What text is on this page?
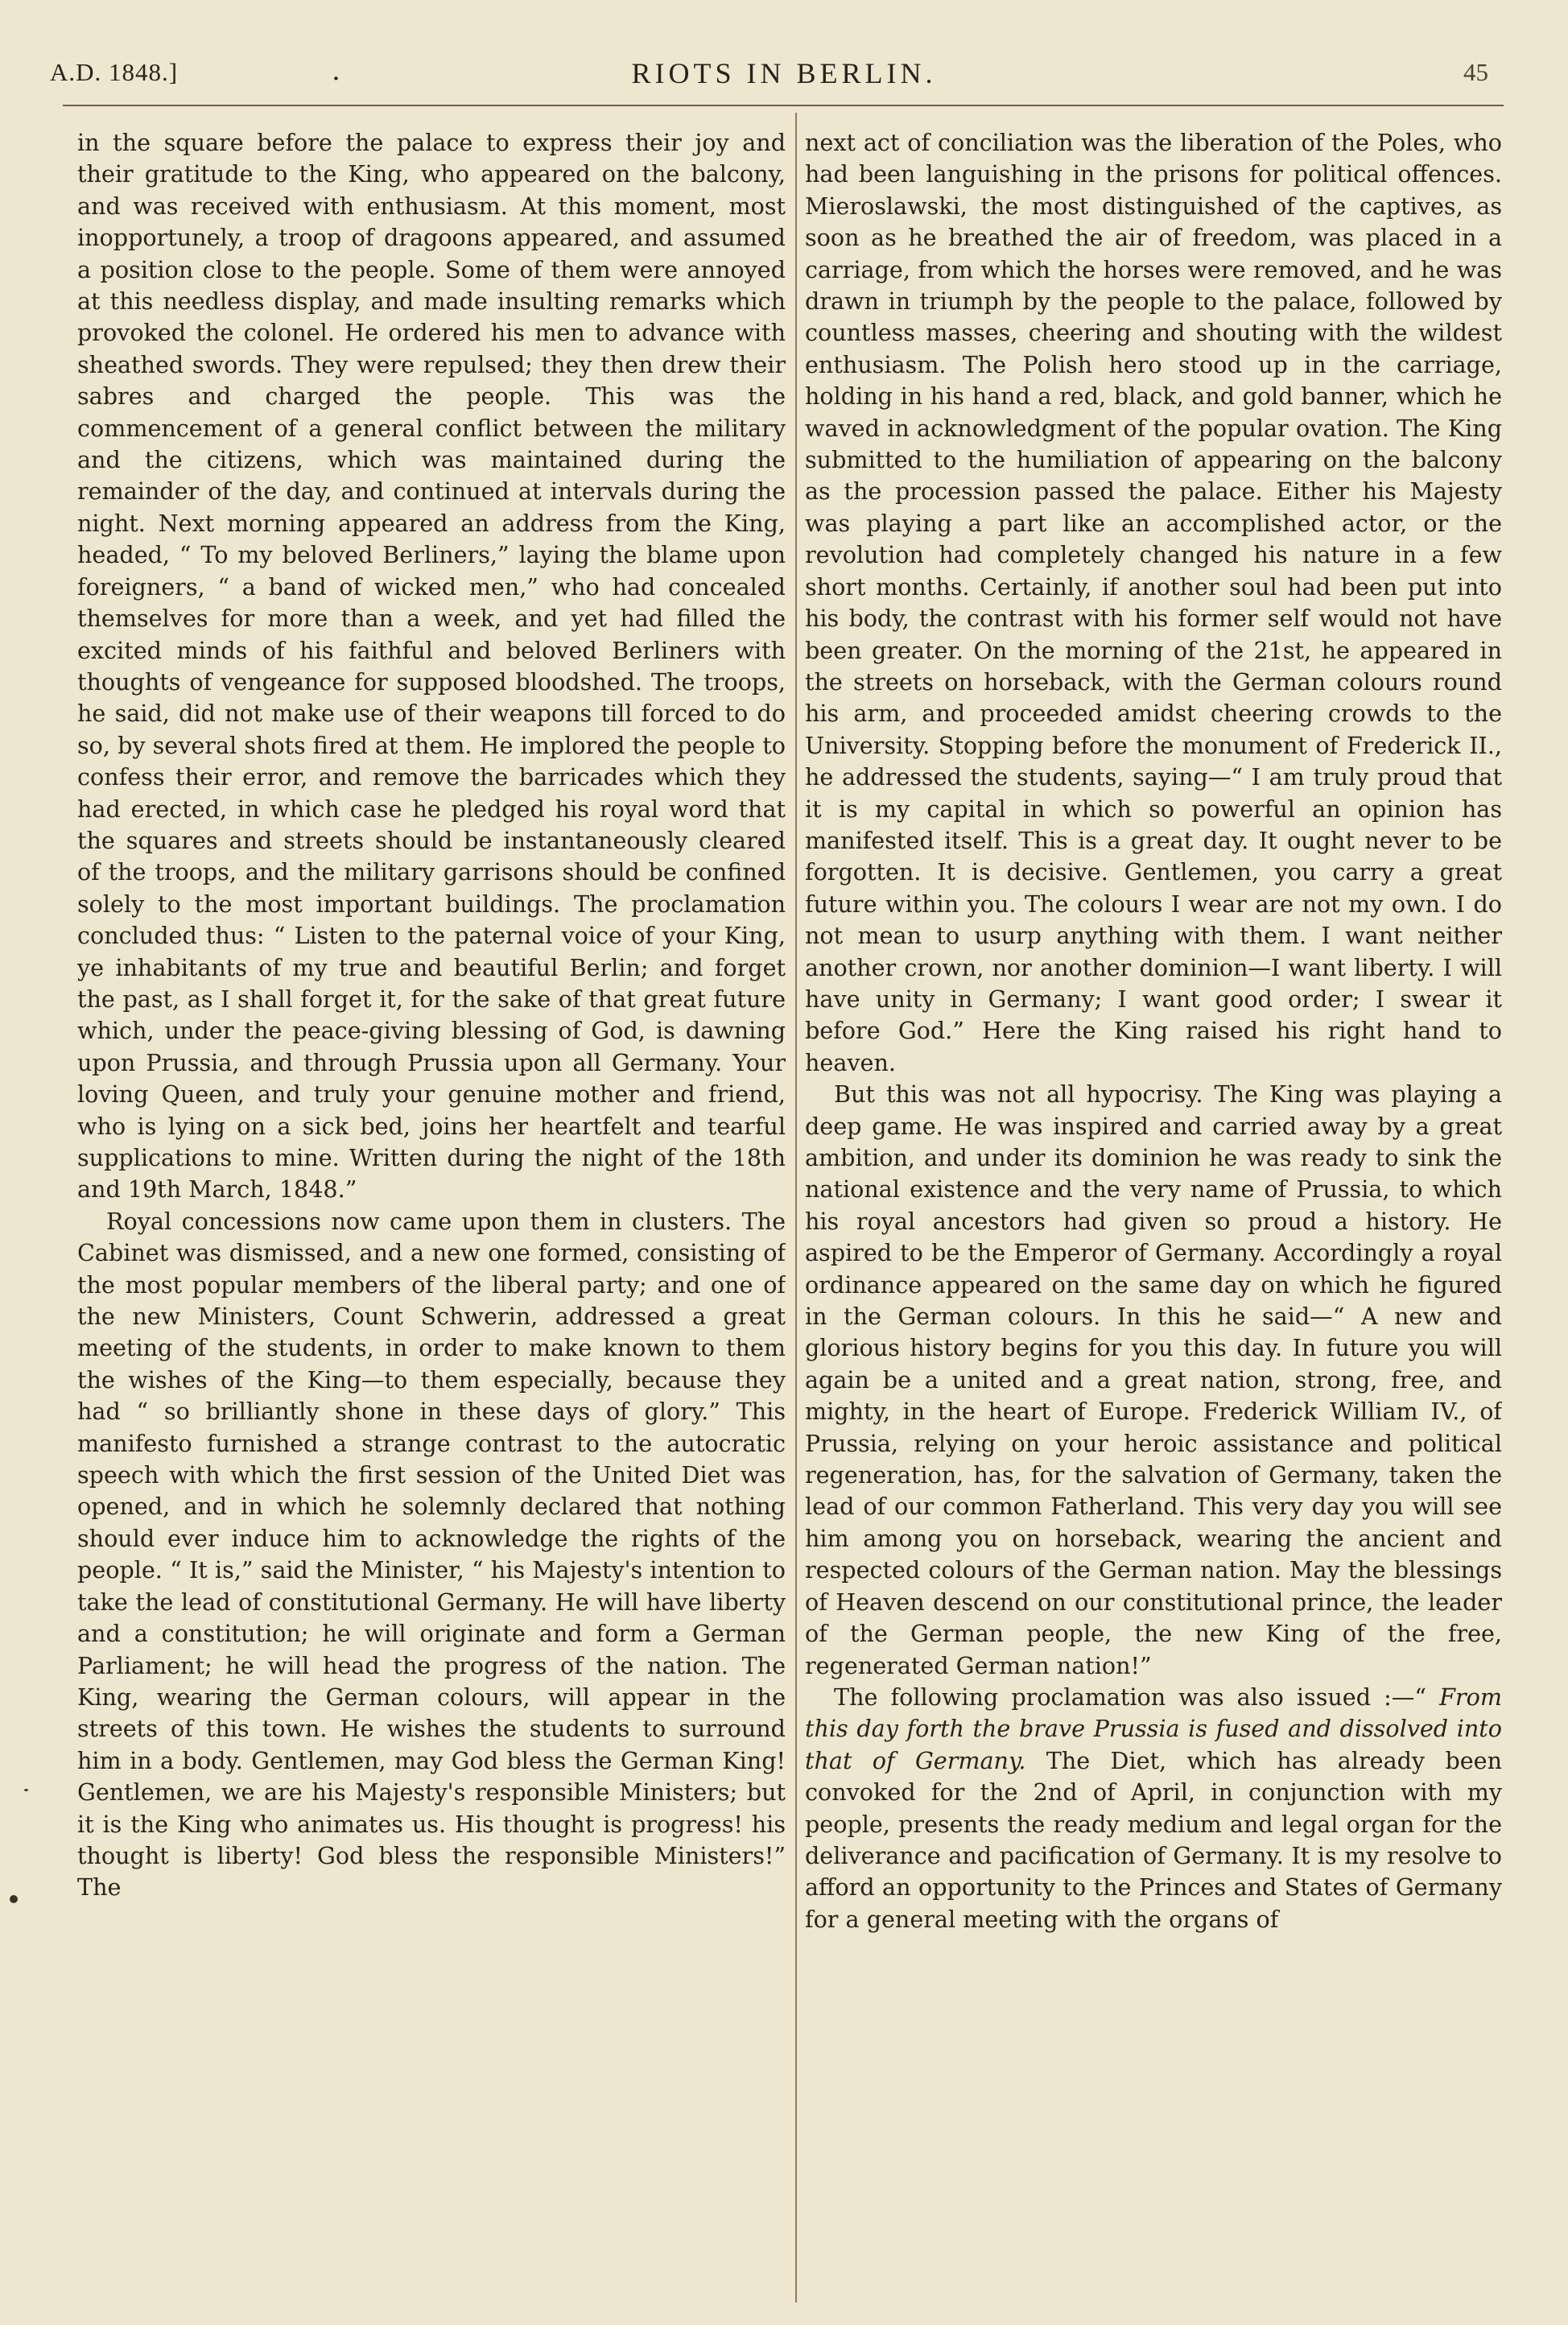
A.D. 1848.]	.	RIOTS IN BERLIN.	45

in the square before the palace to express their joy and their gratitude to the King, who appeared on the balcony, and was received with enthusiasm. At this moment, most inopportunely, a troop of dragoons appeared, and assumed a position close to the people. Some of them were annoyed at this needless display, and made insulting remarks which provoked the colonel. He ordered his men to advance with sheathed swords. They were repulsed; they then drew their sabres and charged the people. This was the commencement of a general conflict between the military and the citizens, which was maintained during the remainder of the day, and continued at intervals during the night. Next morning appeared an address from the King, headed, “ To my beloved Berliners,” laying the blame upon foreigners, “ a band of wicked men,” who had concealed themselves for more than a week, and yet had filled the excited minds of his faithful and beloved Berliners with thoughts of vengeance for supposed bloodshed. The troops, he said, did not make use of their weapons till forced to do so, by several shots fired at them. He implored the people to confess their error, and remove the barricades which they had erected, in which case he pledged his royal word that the squares and streets should be instantaneously cleared of the troops, and the military garrisons should be confined solely to the most important buildings. The proclamation concluded thus: “ Listen to the paternal voice of your King, ye inhabitants of my true and beautiful Berlin; and forget the past, as I shall forget it, for the sake of that great future which, under the peace-giving blessing of God, is dawning upon Prussia, and through Prussia upon all Germany. Your loving Queen, and truly your genuine mother and friend, who is lying on a sick bed, joins her heartfelt and tearful supplications to mine. Written during the night of the 18th and 19th March, 1848.”

Royal concessions now came upon them in clusters. The Cabinet was dismissed, and a new one formed, consisting of the most popular members of the liberal party; and one of the new Ministers, Count Schwerin, addressed a great meeting of the students, in order to make known to them the wishes of the King—to them especially, because they had “ so brilliantly shone in these days of glory.” This manifesto furnished a strange contrast to the autocratic speech with which the first session of the United Diet was opened, and in which he solemnly declared that nothing should ever induce him to acknowledge the rights of the people. “ It is,” said the Minister, “ his Majesty's intention to take the lead of constitutional Germany. He will have liberty and a constitution; he will originate and form a German Parliament; he will head the progress of the nation. The King, wearing the German colours, will appear in the streets of this town. He wishes the students to surround him in a body. Gentlemen, may God bless the German King! Gentlemen, we are his Majesty's responsible Ministers; but it is the King who animates us. His thought is progress! his thought is liberty! God bless the responsible Ministers!” The

next act of conciliation was the liberation of the Poles, who had been languishing in the prisons for political offences. Mieroslawski, the most distinguished of the captives, as soon as he breathed the air of freedom, was placed in a carriage, from which the horses were removed, and he was drawn in triumph by the people to the palace, followed by countless masses, cheering and shouting with the wildest enthusiasm. The Polish hero stood up in the carriage, holding in his hand a red, black, and gold banner, which he waved in acknowledgment of the popular ovation. The King submitted to the humiliation of appearing on the balcony as the procession passed the palace. Either his Majesty was playing a part like an accomplished actor, or the revolution had completely changed his nature in a few short months. Certainly, if another soul had been put into his body, the contrast with his former self would not have been greater. On the morning of the 21st, he appeared in the streets on horseback, with the German colours round his arm, and proceeded amidst cheering crowds to the University. Stopping before the monument of Frederick II., he addressed the students, saying—“ I am truly proud that it is my capital in which so powerful an opinion has manifested itself. This is a great day. It ought never to be forgotten. It is decisive. Gentlemen, you carry a great future within you. The colours I wear are not my own. I do not mean to usurp anything with them. I want neither another crown, nor another dominion—I want liberty. I will have unity in Germany; I want good order; I swear it before God.” Here the King raised his right hand to heaven.

But this was not all hypocrisy. The King was playing a deep game. He was inspired and carried away by a great ambition, and under its dominion he was ready to sink the national existence and the very name of Prussia, to which his royal ancestors had given so proud a history. He aspired to be the Emperor of Germany. Accordingly a royal ordinance appeared on the same day on which he figured in the German colours. In this he said—“ A new and glorious history begins for you this day. In future you will again be a united and a great nation, strong, free, and mighty, in the heart of Europe. Frederick William IV., of Prussia, relying on your heroic assistance and political regeneration, has, for the salvation of Germany, taken the lead of our common Fatherland. This very day you will see him among you on horseback, wearing the ancient and respected colours of the German nation. May the blessings of Heaven descend on our constitutional prince, the leader of the German people, the new King of the free, regenerated German nation!”

The following proclamation was also issued :—“ From this day forth the brave Prussia is fused and dissolved into that of Germany. The Diet, which has already been convoked for the 2nd of April, in conjunction with my people, presents the ready medium and legal organ for the deliverance and pacification of Germany. It is my resolve to afford an opportunity to the Princes and States of Germany for a general meeting with the organs of
